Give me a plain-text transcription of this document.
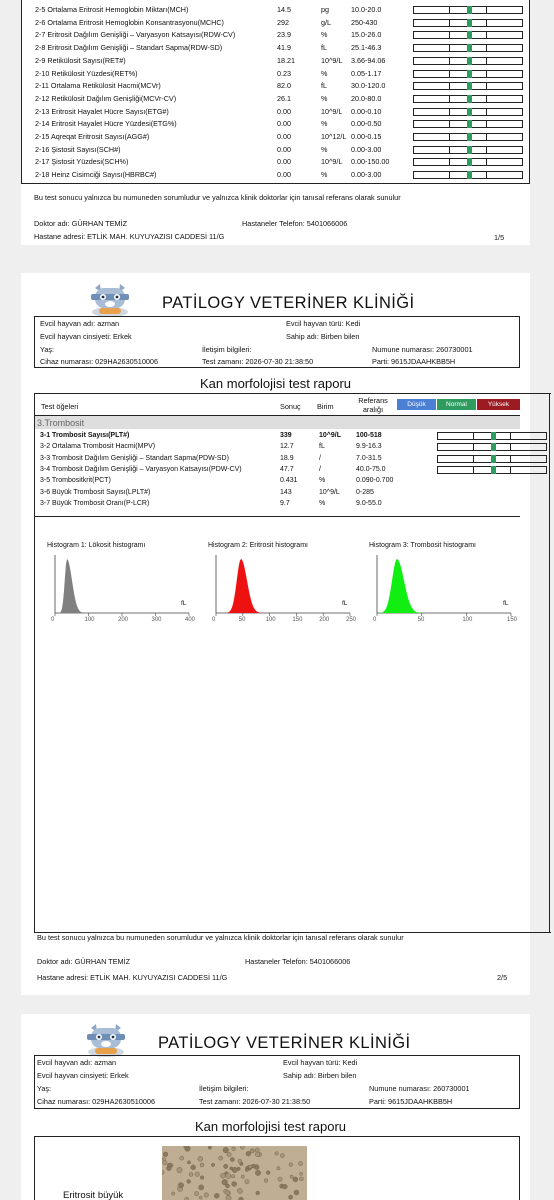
2-5 Ortalama Eritrosit Hemoglobin Miktarı(MCH)	14.5	pg	10.0-20.0
2-6 Ortalama Eritrosit Hemoglobin Konsantrasyonu(MCHC)	292	g/L	250-430
2-7 Eritrosit Dağılım Genişliği – Varyasyon Katsayısı(RDW-CV)	23.9	%	15.0-26.0
2-8 Eritrosit Dağılım Genişliği – Standart Sapma(RDW-SD)	41.9	fL	25.1-46.3
2-9 Retikülosit Sayısı(RET#)	18.21	10^9/L 3.66-94.06
2-10 Retikülosit Yüzdesi(RET%)	0.23	%	0.05-1.17
2-11 Ortalama Retikülosit Hacmi(MCVr)	82.0	fL	30.0-120.0
2-12 Retikülosit Dağılım Genişliği(MCVr-CV)	26.1	%	20.0-80.0
2-13 Eritrosit Hayalet Hücre Sayısı(ETG#)	0.00	10^9/L 0.00-0.10
2-14 Eritrosit Hayalet Hücre Yüzdesi(ETG%)	0.00	%	0.00-0.50
2-15 Aqreqat Eritrosit Sayısı(AGG#)	0.00	10^12/L 0.00-0.15
2-16 Şistosit Sayısı(SCH#)	0.00	%	0.00-3.00
2-17 Şistosit Yüzdesi(SCH%)	0.00	10^9/L 0.00-150.00
2-18 Heinz Cisimciği Sayısı(HBRBC#)	0.00	%	0.00-3.00
Bu test sonucu yalnızca bu numuneden sorumludur ve yalnızca klinik doktorlar için tanısal referans olarak sunulur
Doktor adı: GÜRHAN TEMİZ	Hastaneler Telefon: 5401066006
Hastane adresi: ETLİK MAH. KUYUYAZISI CADDESİ 11/G	1/5
PATİLOGY VETERİNER KLİNİĞİ
Evcil hayvan adı: azman	Evcil hayvan türü: Kedi
Evcil hayvan cinsiyeti: Erkek	Sahip adı: Birben bilen
Yaş:	İletişim bilgileri:	Numune numarası: 260730001
Cihaz numarası: 029HA2630510006	Test zamanı: 2026-07-30 21:38:50	Parti: 9615JDAAHKBB5H
Kan morfolojisi test raporu
Test öğeleri	Sonuç Birim
Referans aralığı
Düşük	Normal	Yüksek
3.Trombosit
3-1 Trombosit Sayısı(PLT#)	339	10^9/L 100-518
3-2 Ortalama Trombosit Hacmi(MPV)	12.7	fL	9.9-16.3
3-3 Trombosit Dağılım Genişliği – Standart Sapma(PDW-SD)	18.9	/	7.0-31.5
3-4 Trombosit Dağılım Genişliği – Varyasyon Katsayısı(PDW-CV)	47.7	/	40.0-75.0
3-5 Trombositkrit(PCT)	0.431	%	0.090-0.700
3-6 Büyük Trombosit Sayısı(LPLT#)	143	10^9/L 0-285
3-7 Büyük Trombosit Oranı(P-LCR)	9.7	%	9.0-55.0
Histogram 1: Lökosit histogramı
0	100	200	300	400
fL
Histogram 2: Eritrosit histogramı
0	50	100	150	200	250
fL
Histogram 3: Trombosit histogramı
0	50	100	150
fL
Bu test sonucu yalnızca bu numuneden sorumludur ve yalnızca klinik doktorlar için tanısal referans olarak sunulur
Doktor adı: GÜRHAN TEMİZ	Hastaneler Telefon: 5401066006
Hastane adresi: ETLİK MAH. KUYUYAZISI CADDESİ 11/G	2/5
PATİLOGY VETERİNER KLİNİĞİ
Evcil hayvan adı: azman	Evcil hayvan türü: Kedi
Evcil hayvan cinsiyeti: Erkek	Sahip adı: Birben bilen
Yaş:	İletişim bilgileri:	Numune numarası: 260730001
Cihaz numarası: 029HA2630510006	Test zamanı: 2026-07-30 21:38:50	Parti: 9615JDAAHKBB5H
Kan morfolojisi test raporu
Eritrosit büyük
